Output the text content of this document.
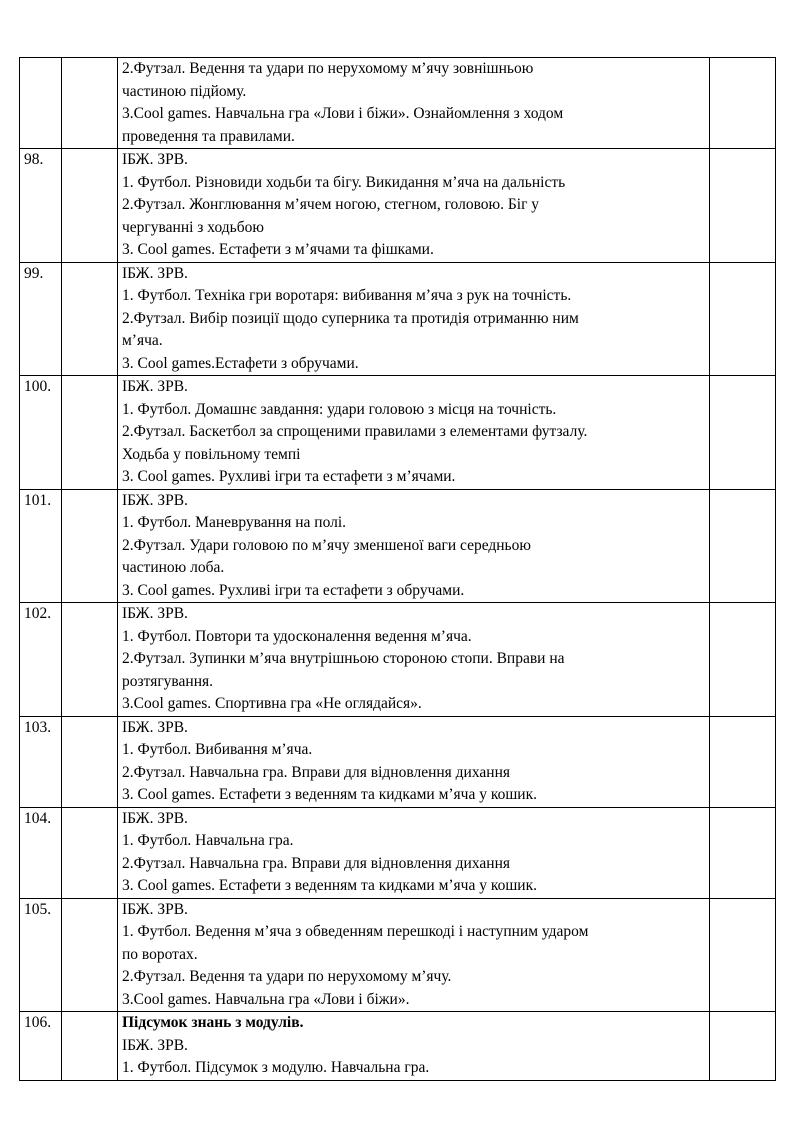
		2.Футзал. Ведення та удари по нерухомому м’ячу зовнішньою
частиною підйому.
3.Cool games. Навчальна гра «Лови і біжи». Ознайомлення з ходом
проведення та правилами.	

98.		ІБЖ. ЗРВ.
1. Футбол. Різновиди ходьби та бігу. Викидання м’яча на дальність
2.Футзал. Жонглювання м’ячем ногою, стегном, головою. Біг у
чергуванні з ходьбою
3. Cool games. Естафети з м’ячами та фішками.	

99.		ІБЖ. ЗРВ.
1. Футбол. Техніка гри воротаря: вибивання м’яча з рук на точність.
2.Футзал. Вибір позиції щодо суперника та протидія отриманню ним
м’яча.
3. Cool games.Естафети з обручами.	

100.		ІБЖ. ЗРВ.
1. Футбол. Домашнє завдання: удари головою з місця на точність.
2.Футзал. Баскетбол за спрощеними правилами з елементами футзалу.
Ходьба у повільному темпі
3. Cool games. Рухливі ігри та естафети з м’ячами.	

101.		ІБЖ. ЗРВ.
1. Футбол. Маневрування на полі.
2.Футзал. Удари головою по м’ячу зменшеної ваги середньою
частиною лоба.
3. Cool games. Рухливі ігри та естафети з обручами.	

102.		ІБЖ. ЗРВ.
1. Футбол. Повтори та удосконалення ведення м’яча.
2.Футзал. Зупинки м’яча внутрішньою стороною стопи. Вправи на
розтягування.
3.Cool games. Спортивна гра «Не оглядайся».	

103.		ІБЖ. ЗРВ.
1. Футбол. Вибивання м’яча.
2.Футзал. Навчальна гра. Вправи для відновлення дихання
3. Cool games. Естафети з веденням та кидками м’яча у кошик.	

104.		ІБЖ. ЗРВ.
1. Футбол. Навчальна гра.
2.Футзал. Навчальна гра. Вправи для відновлення дихання
3. Cool games. Естафети з веденням та кидками м’яча у кошик.	

105.		ІБЖ. ЗРВ.
1. Футбол. Ведення м’яча з обведенням перешкоді і наступним ударом
по воротах.
2.Футзал. Ведення та удари по нерухомому м’ячу.
3.Cool games. Навчальна гра «Лови і біжи».	

106.		Підсумок знань з модулів.
ІБЖ. ЗРВ.
1. Футбол. Підсумок з модулю. Навчальна гра.	
